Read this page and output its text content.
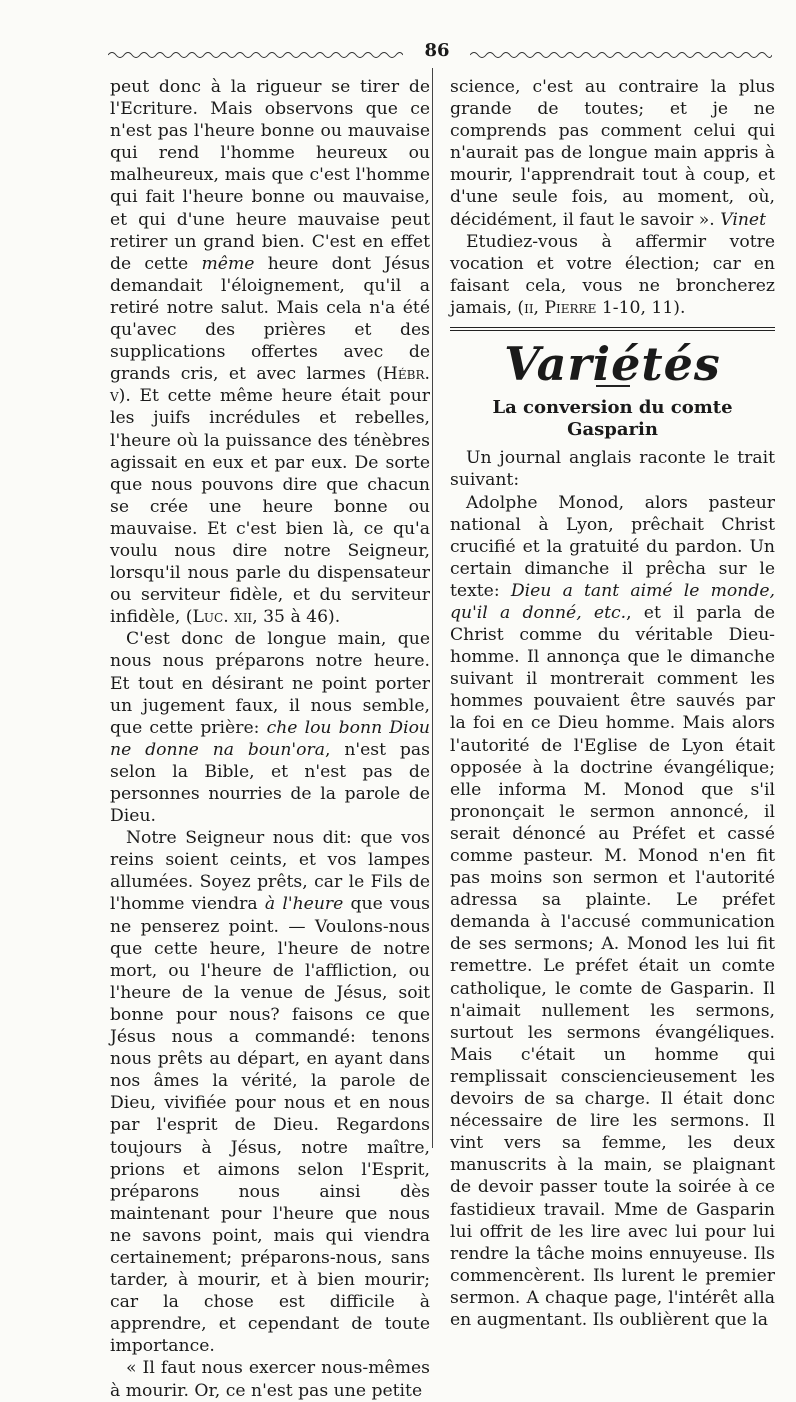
86

peut donc à la rigueur se tirer de l'Ecriture. Mais observons que ce n'est pas l'heure bonne ou mauvaise qui rend l'homme heureux ou malheureux, mais que c'est l'homme qui fait l'heure bonne ou mauvaise, et qui d'une heure mauvaise peut retirer un grand bien. C'est en effet de cette même heure dont Jésus demandait l'éloignement, qu'il a retiré notre salut. Mais cela n'a été qu'avec des prières et des supplications offertes avec de grands cris, et avec larmes (Hébr. v). Et cette même heure était pour les juifs incrédules et rebelles, l'heure où la puissance des ténèbres agissait en eux et par eux. De sorte que nous pouvons dire que chacun se crée une heure bonne ou mauvaise. Et c'est bien là, ce qu'a voulu nous dire notre Seigneur, lorsqu'il nous parle du dispensateur ou serviteur fidèle, et du serviteur infidèle, (Luc. xii, 35 à 46).

C'est donc de longue main, que nous nous préparons notre heure. Et tout en désirant ne point porter un jugement faux, il nous semble, que cette prière: che lou bonn Diou ne donne na boun'ora, n'est pas selon la Bible, et n'est pas de personnes nourries de la parole de Dieu.

Notre Seigneur nous dit: que vos reins soient ceints, et vos lampes allumées. Soyez prêts, car le Fils de l'homme viendra à l'heure que vous ne penserez point. — Voulons-nous que cette heure, l'heure de notre mort, ou l'heure de l'affliction, ou l'heure de la venue de Jésus, soit bonne pour nous? faisons ce que Jésus nous a commandé: tenons nous prêts au départ, en ayant dans nos âmes la vérité, la parole de Dieu, vivifiée pour nous et en nous par l'esprit de Dieu. Regardons toujours à Jésus, notre maître, prions et aimons selon l'Esprit, préparons nous ainsi dès maintenant pour l'heure que nous ne savons point, mais qui viendra certainement; préparons-nous, sans tarder, à mourir, et à bien mourir; car la chose est difficile à apprendre, et cependant de toute importance.

« Il faut nous exercer nous-mêmes à mourir. Or, ce n'est pas une petite

science, c'est au contraire la plus grande de toutes; et je ne comprends pas comment celui qui n'aurait pas de longue main appris à mourir, l'apprendrait tout à coup, et d'une seule fois, au moment, où, décidément, il faut le savoir ». Vinet

Etudiez-vous à affermir votre vocation et votre élection; car en faisant cela, vous ne broncherez jamais, (ii, Pierre 1-10, 11).

Variétés
La conversion du comte Gasparin

Un journal anglais raconte le trait suivant:

Adolphe Monod, alors pasteur national à Lyon, prêchait Christ crucifié et la gratuité du pardon. Un certain dimanche il prêcha sur le texte: Dieu a tant aimé le monde, qu'il a donné, etc., et il parla de Christ comme du véritable Dieu-homme. Il annonça que le dimanche suivant il montrerait comment les hommes pouvaient être sauvés par la foi en ce Dieu homme. Mais alors l'autorité de l'Eglise de Lyon était opposée à la doctrine évangélique; elle informa M. Monod que s'il prononçait le sermon annoncé, il serait dénoncé au Préfet et cassé comme pasteur. M. Monod n'en fit pas moins son sermon et l'autorité adressa sa plainte. Le préfet demanda à l'accusé communication de ses sermons; A. Monod les lui fit remettre. Le préfet était un comte catholique, le comte de Gasparin. Il n'aimait nullement les sermons, surtout les sermons évangéliques. Mais c'était un homme qui remplissait consciencieusement les devoirs de sa charge. Il était donc nécessaire de lire les sermons. Il vint vers sa femme, les deux manuscrits à la main, se plaignant de devoir passer toute la soirée à ce fastidieux travail. Mme de Gasparin lui offrit de les lire avec lui pour lui rendre la tâche moins ennuyeuse. Ils commencèrent. Ils lurent le premier sermon. A chaque page, l'intérêt alla en augmentant. Ils oublièrent que la
